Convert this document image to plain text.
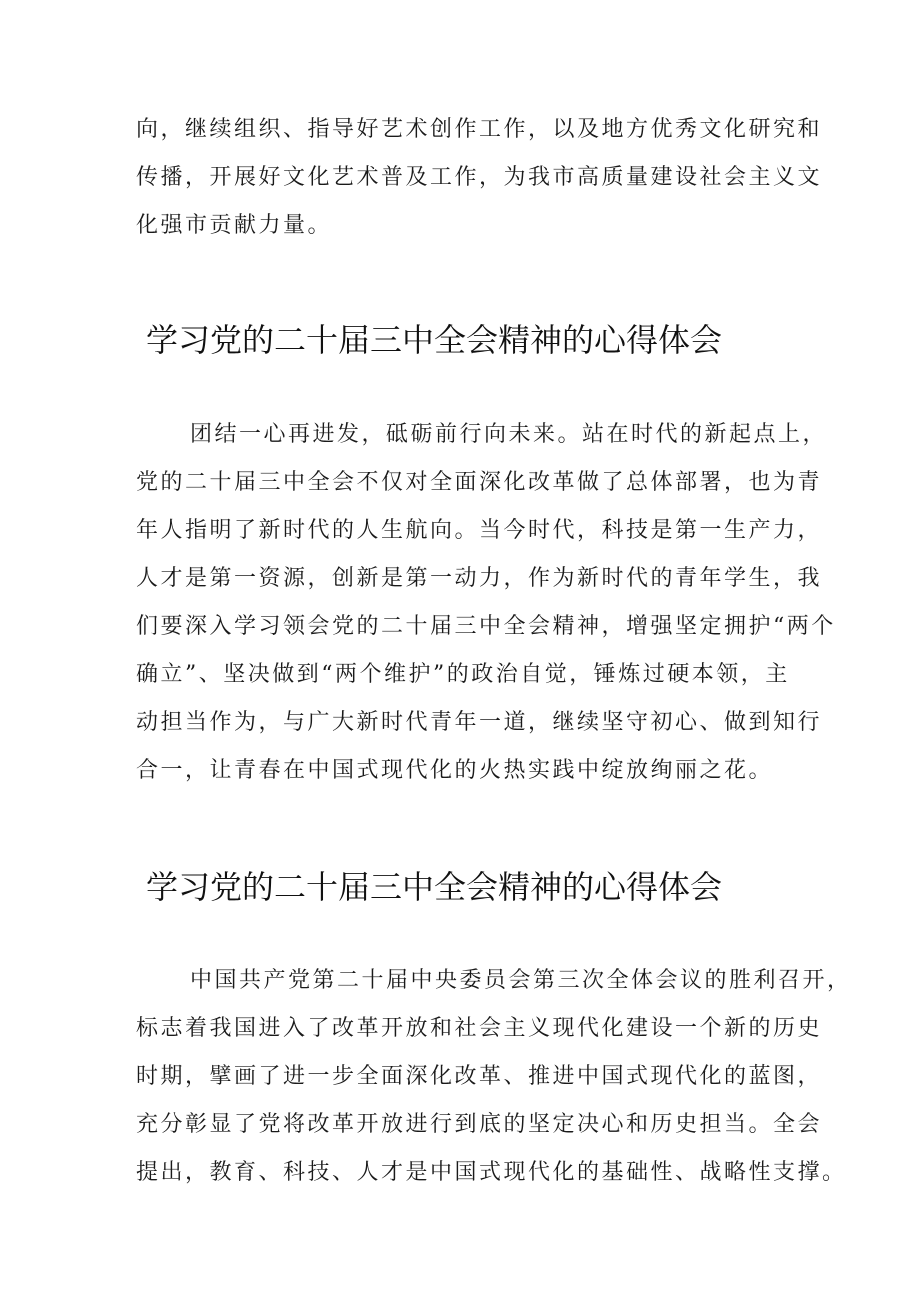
向，继续组织、指导好艺术创作工作，以及地方优秀文化研究和
传播，开展好文化艺术普及工作，为我市高质量建设社会主义文
化强市贡献力量。
学习党的二十届三中全会精神的心得体会
团结一心再进发，砥砺前行向未来。站在时代的新起点上，
党的二十届三中全会不仅对全面深化改革做了总体部署，也为青
年人指明了新时代的人生航向。当今时代，科技是第一生产力，
人才是第一资源，创新是第一动力，作为新时代的青年学生，我
们要深入学习领会党的二十届三中全会精神，增强坚定拥护“两个
确立”、坚决做到“两个维护”的政治自觉，锤炼过硬本领，主
动担当作为，与广大新时代青年一道，继续坚守初心、做到知行
合一，让青春在中国式现代化的火热实践中绽放绚丽之花。
学习党的二十届三中全会精神的心得体会
中国共产党第二十届中央委员会第三次全体会议的胜利召开，
标志着我国进入了改革开放和社会主义现代化建设一个新的历史
时期，擘画了进一步全面深化改革、推进中国式现代化的蓝图，
充分彰显了党将改革开放进行到底的坚定决心和历史担当。全会
提出，教育、科技、人才是中国式现代化的基础性、战略性支撑。
